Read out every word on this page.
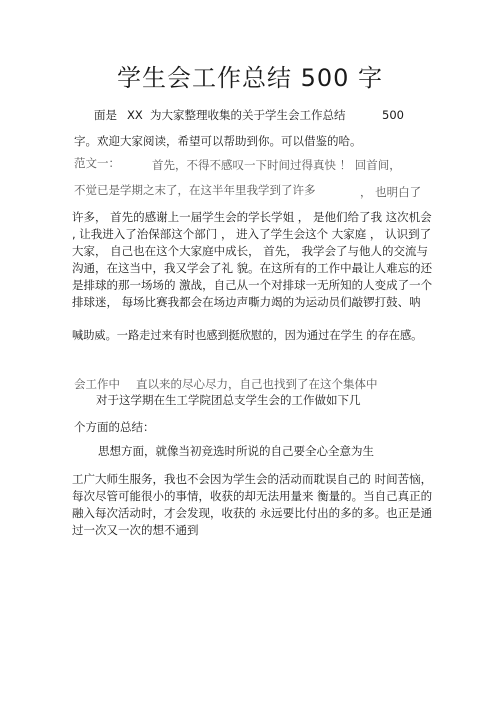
学生会工作总结 500 字
面是 XX 为大家整理收集的关于学生会工作总结	500
字。欢迎大家阅读，希望可以帮助到你。可以借鉴的哈。
范文一：	首先，不得不感叹一下时间过得真快 ！ 回首间，
不觉已是学期之末了，在这半年里我学到了许多	， 也明白了
许多， 首先的感谢上一届学生会的学长学姐 ， 是他们给了我 这次机会 , 让我进入了治保部这个部门 ， 进入了学生会这个 大家庭 ， 认识到了大家， 自己也在这个大家庭中成长， 首先， 我学会了与他人的交流与沟通，在这当中，我又学会了礼 貌。在这所有的工作中最让人难忘的还是排球的那一场场的 激战，自己从一个对排球一无所知的人变成了一个排球迷， 每场比赛我都会在场边声嘶力竭的为运动员们敲锣打鼓、呐
喊助威。一路走过来有时也感到挺欣慰的，因为通过在学生 的存在感。
会工作中 直以来的尽心尽力，自己也找到了在这个集体中
对于这学期在生工学院团总支学生会的工作做如下几
个方面的总结：
思想方面，就像当初竞选时所说的自己要全心全意为生
工广大师生服务，我也不会因为学生会的活动而耽误自己的 时间苦恼，每次尽管可能很小的事情，收获的却无法用量来 衡量的。当自己真正的融入每次活动时，才会发现，收获的 永远要比付出的多的多。也正是通过一次又一次的想不通到
